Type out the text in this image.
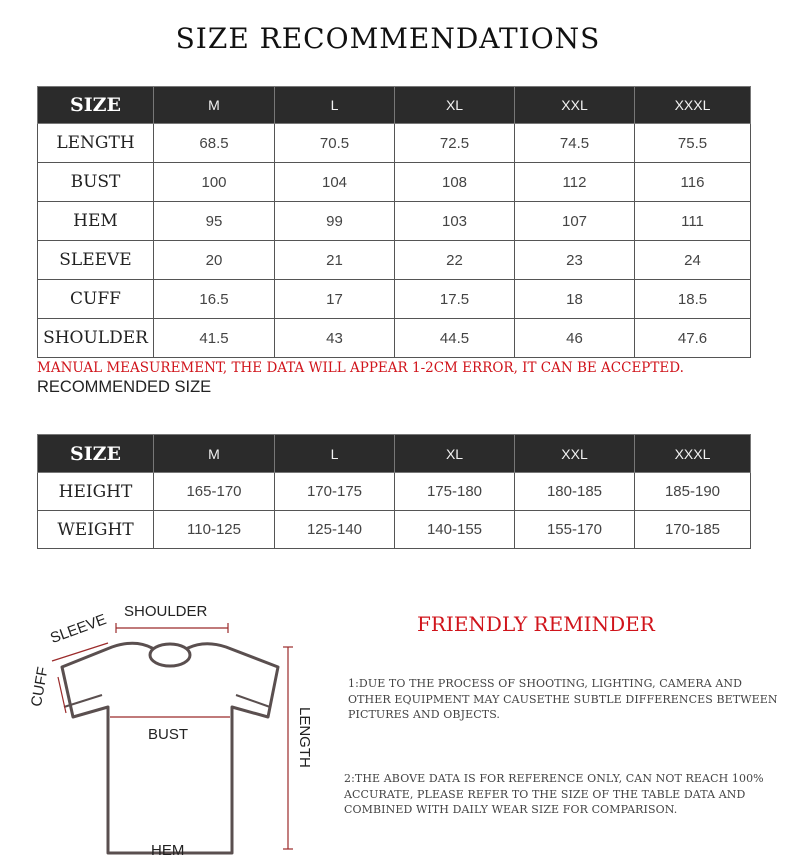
SIZE RECOMMENDATIONS
SIZE	M	L	XL	XXL	XXXL
LENGTH	68.5	70.5	72.5	74.5	75.5
BUST	100	104	108	112	116
HEM	95	99	103	107	111
SLEEVE	20	21	22	23	24
CUFF	16.5	17	17.5	18	18.5
SHOULDER	41.5	43	44.5	46	47.6
MANUAL MEASUREMENT, THE DATA WILL APPEAR 1-2CM ERROR, IT CAN BE ACCEPTED.
RECOMMENDED SIZE
SIZE	M	L	XL	XXL	XXXL
HEIGHT	165-170	170-175	175-180	180-185	185-190
WEIGHT	110-125	125-140	140-155	155-170	170-185
SHOULDER
SLEEVE
CUFF
BUST	LENGTH
HEM
FRIENDLY REMINDER
1:DUE TO THE PROCESS OF SHOOTING, LIGHTING, CAMERA AND OTHER EQUIPMENT MAY CAUSETHE SUBTLE DIFFERENCES BETWEEN PICTURES AND OBJECTS.
2:THE ABOVE DATA IS FOR REFERENCE ONLY, CAN NOT REACH 100% ACCURATE, PLEASE REFER TO THE SIZE OF THE TABLE DATA AND COMBINED WITH DAILY WEAR SIZE FOR COMPARISON.
